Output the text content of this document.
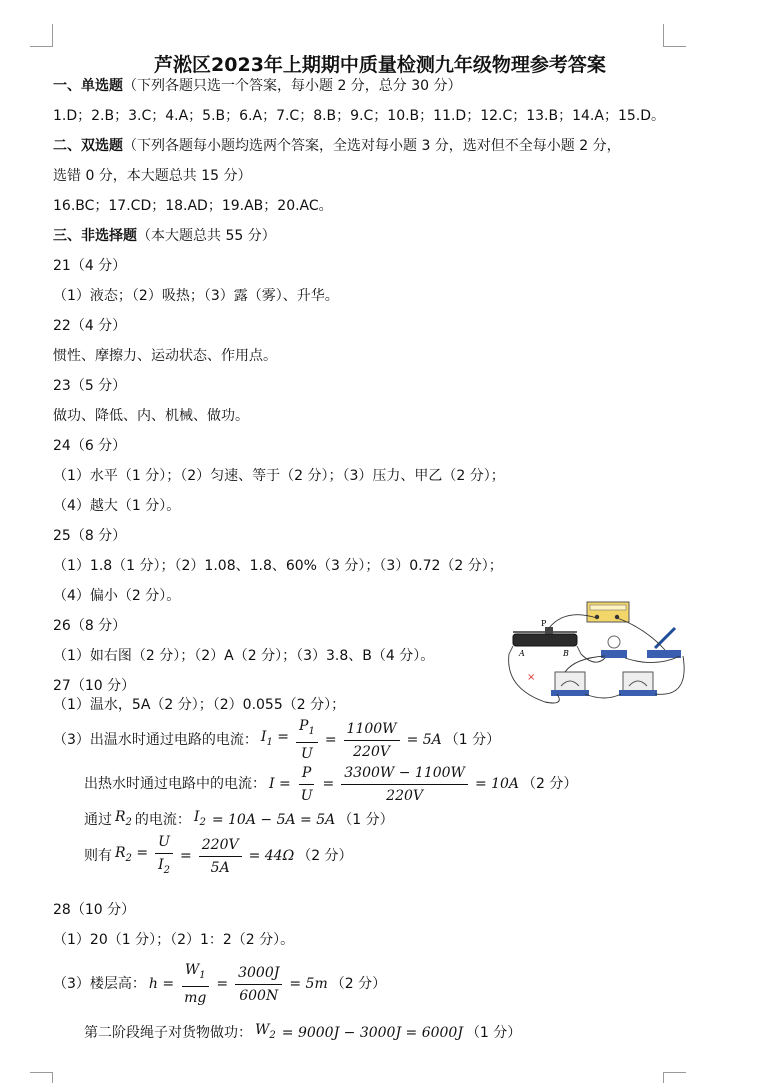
芦淞区2023年上期期中质量检测九年级物理参考答案
一、单选题（下列各题只选一个答案，每小题 2 分，总分 30 分）
1.D；2.B；3.C；4.A；5.B；6.A；7.C；8.B；9.C；10.B；11.D；12.C；13.B；14.A；15.D。
二、双选题（下列各题每小题均选两个答案，全选对每小题 3 分，选对但不全每小题 2 分，
选错 0 分，本大题总共 15 分）
16.BC；17.CD；18.AD；19.AB；20.AC。
三、非选择题（本大题总共 55 分）
21（4 分）
（1）液态；（2）吸热；（3）露（雾）、升华。
22（4 分）
惯性、摩擦力、运动状态、作用点。
23（5 分）
做功、降低、内、机械、做功。
24（6 分）
（1）水平（1 分）；（2）匀速、等于（2 分）；（3）压力、甲乙（2 分）；
（4）越大（1 分）。
25（8 分）
（1）1.8（1 分）；（2）1.08、1.8、60%（3 分）；（3）0.72（2 分）；
（4）偏小（2 分）。
26（8 分）
（1）如右图（2 分）；（2）A（2 分）；（3）3.8、B（4 分）。
P
A	B
×
27（10 分）
（1）温水，5A（2 分）；（2）0.055（2 分）；
（3）出温水时通过电路的电流： $I_1 = \frac{P_1}{U} = \frac{1100W}{220V} = 5A$ （1 分）
出热水时通过电路中的电流： $I = \frac{P}{U} = \frac{3300W - 1100W}{220V} = 10A$ （2 分）
通过 $R_2$ 的电流： $I_2 = 10A - 5A = 5A$ （1 分）
则有 $R_2 = \frac{U}{I_2} = \frac{220V}{5A} = 44\Omega$ （2 分）
28（10 分）
（1）20（1 分）；（2）1：2（2 分）。
（3）楼层高： $h = \frac{W_1}{mg} = \frac{3000J}{600N} = 5m$ （2 分）
第二阶段绳子对货物做功： $W_2 = 9000J - 3000J = 6000J$ （1 分）
